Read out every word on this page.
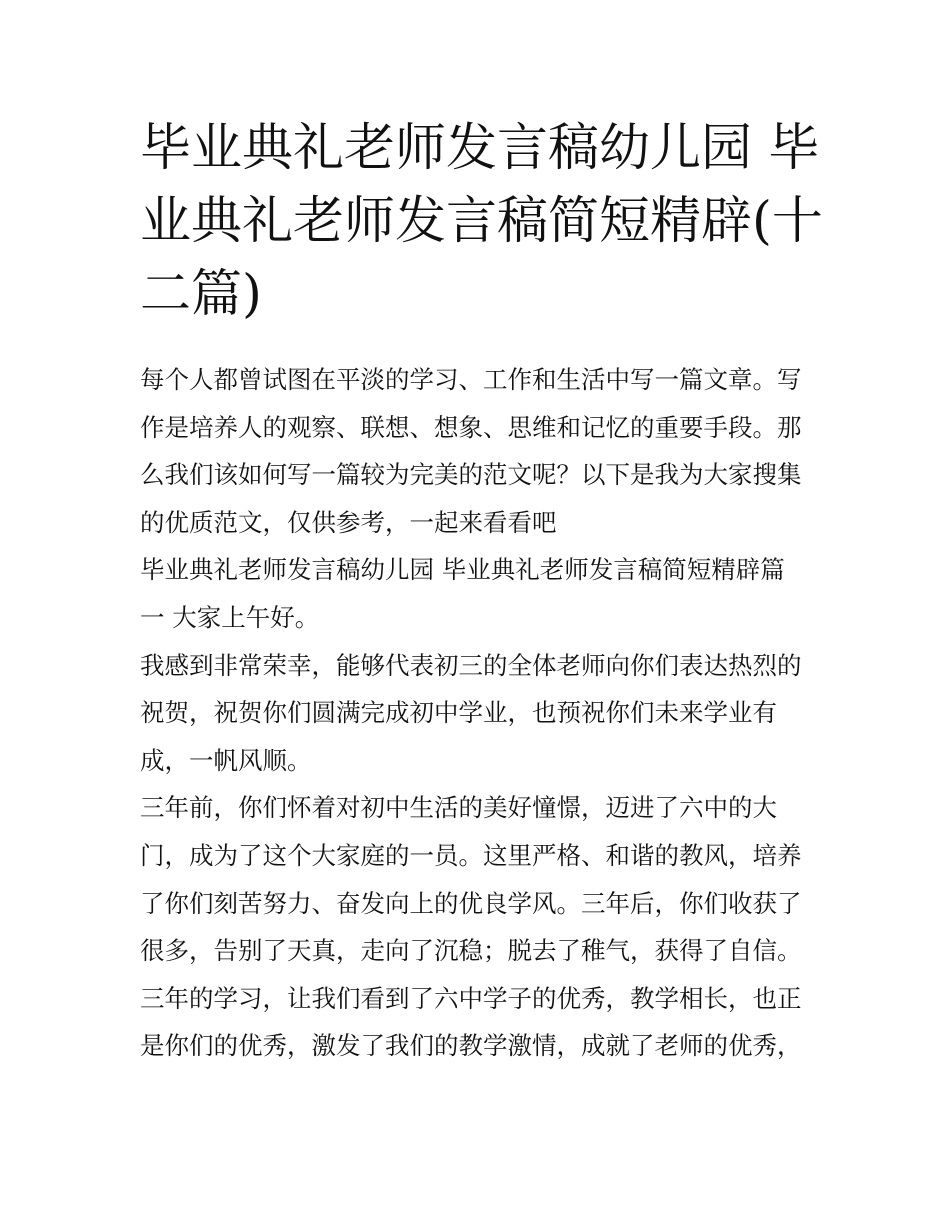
毕业典礼老师发言稿幼儿园 毕
业典礼老师发言稿简短精辟(十
二篇)
每个人都曾试图在平淡的学习、工作和生活中写一篇文章。写
作是培养人的观察、联想、想象、思维和记忆的重要手段。那
么我们该如何写一篇较为完美的范文呢？以下是我为大家搜集
的优质范文，仅供参考，一起来看看吧
毕业典礼老师发言稿幼儿园 毕业典礼老师发言稿简短精辟篇
一 大家上午好。
我感到非常荣幸，能够代表初三的全体老师向你们表达热烈的
祝贺，祝贺你们圆满完成初中学业，也预祝你们未来学业有
成，一帆风顺。
三年前，你们怀着对初中生活的美好憧憬，迈进了六中的大
门，成为了这个大家庭的一员。这里严格、和谐的教风，培养
了你们刻苦努力、奋发向上的优良学风。三年后，你们收获了
很多，告别了天真，走向了沉稳；脱去了稚气，获得了自信。
三年的学习，让我们看到了六中学子的优秀，教学相长，也正
是你们的优秀，激发了我们的教学激情，成就了老师的优秀，
